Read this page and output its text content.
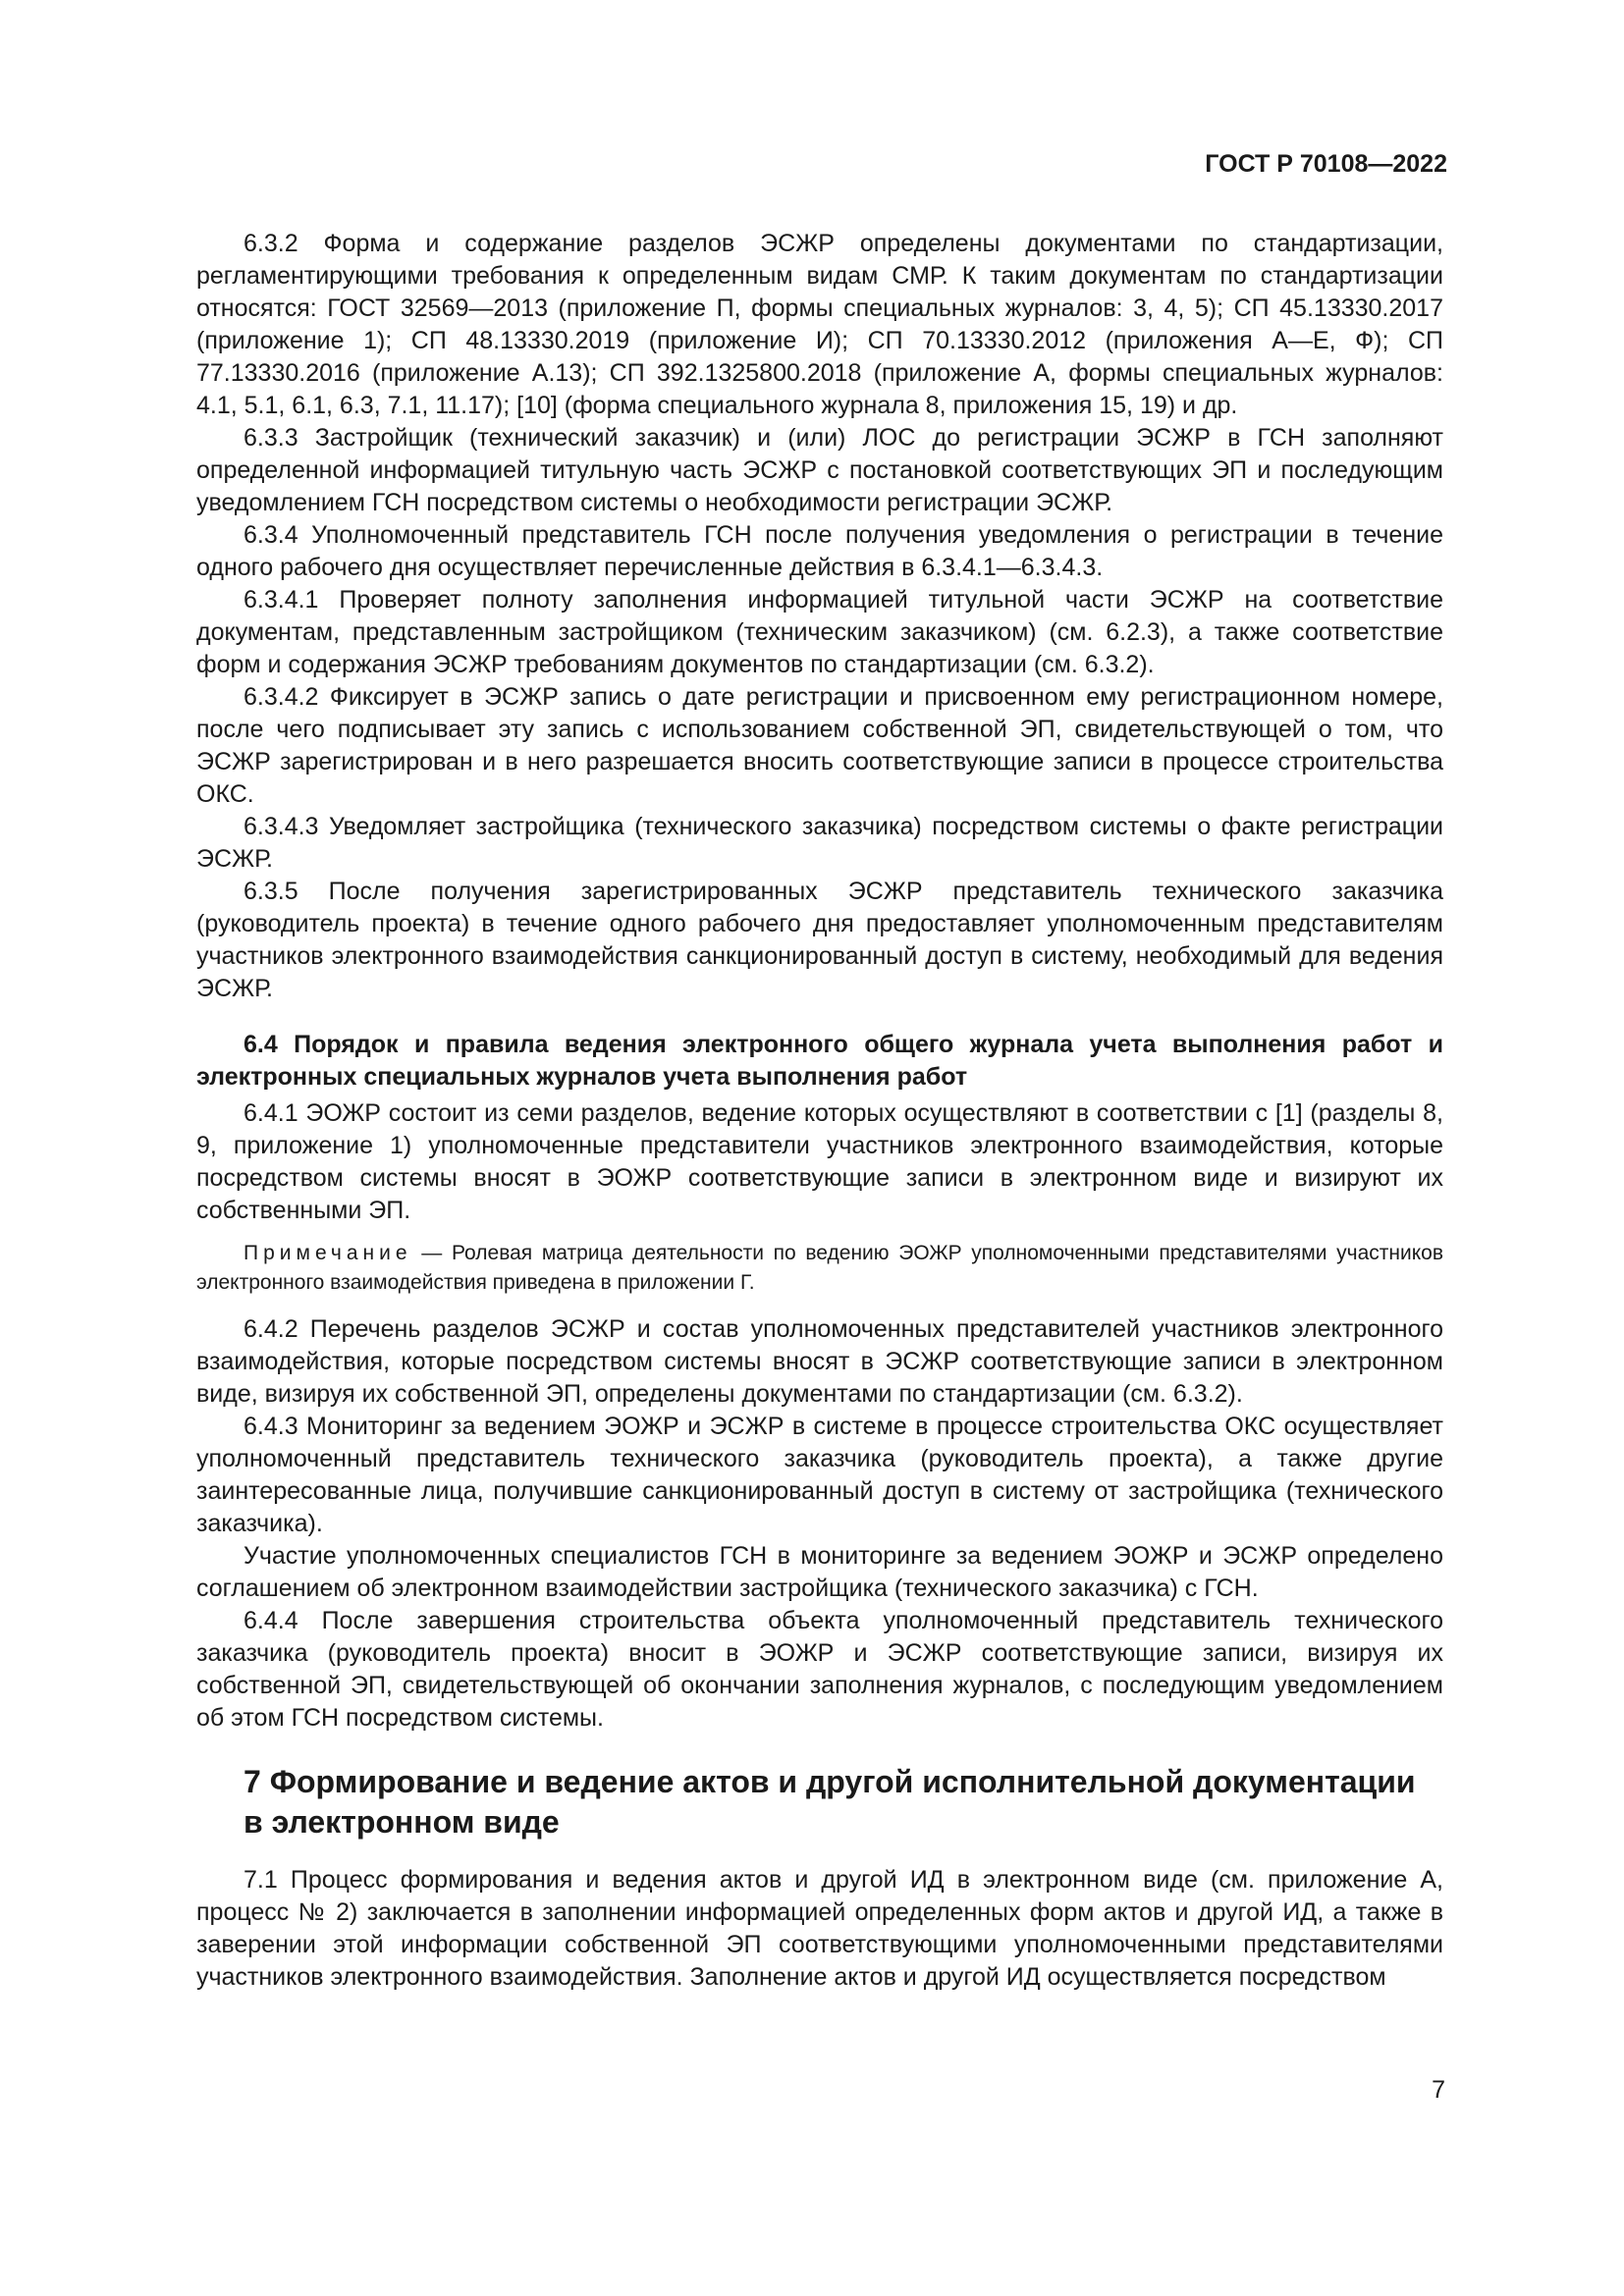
ГОСТ Р 70108—2022

6.3.2 Форма и содержание разделов ЭСЖР определены документами по стандартизации, регламентирующими требования к определенным видам СМР. К таким документам по стандартизации относятся: ГОСТ 32569—2013 (приложение П, формы специальных журналов: 3, 4, 5); СП 45.13330.2017 (приложение 1); СП 48.13330.2019 (приложение И); СП 70.13330.2012 (приложения А—Е, Ф); СП 77.13330.2016 (приложение А.13); СП 392.1325800.2018 (приложение А, формы специальных журналов: 4.1, 5.1, 6.1, 6.3, 7.1, 11.17); [10] (форма специального журнала 8, приложения 15, 19) и др.

6.3.3 Застройщик (технический заказчик) и (или) ЛОС до регистрации ЭСЖР в ГСН заполняют определенной информацией титульную часть ЭСЖР с постановкой соответствующих ЭП и последующим уведомлением ГСН посредством системы о необходимости регистрации ЭСЖР.

6.3.4 Уполномоченный представитель ГСН после получения уведомления о регистрации в течение одного рабочего дня осуществляет перечисленные действия в 6.3.4.1—6.3.4.3.

6.3.4.1 Проверяет полноту заполнения информацией титульной части ЭСЖР на соответствие документам, представленным застройщиком (техническим заказчиком) (см. 6.2.3), а также соответствие форм и содержания ЭСЖР требованиям документов по стандартизации (см. 6.3.2).

6.3.4.2 Фиксирует в ЭСЖР запись о дате регистрации и присвоенном ему регистрационном номере, после чего подписывает эту запись с использованием собственной ЭП, свидетельствующей о том, что ЭСЖР зарегистрирован и в него разрешается вносить соответствующие записи в процессе строительства ОКС.

6.3.4.3 Уведомляет застройщика (технического заказчика) посредством системы о факте регистрации ЭСЖР.

6.3.5 После получения зарегистрированных ЭСЖР представитель технического заказчика (руководитель проекта) в течение одного рабочего дня предоставляет уполномоченным представителям участников электронного взаимодействия санкционированный доступ в систему, необходимый для ведения ЭСЖР.

6.4 Порядок и правила ведения электронного общего журнала учета выполнения работ и электронных специальных журналов учета выполнения работ

6.4.1 ЭОЖР состоит из семи разделов, ведение которых осуществляют в соответствии с [1] (разделы 8, 9, приложение 1) уполномоченные представители участников электронного взаимодействия, которые посредством системы вносят в ЭОЖР соответствующие записи в электронном виде и визируют их собственными ЭП.

Примечание — Ролевая матрица деятельности по ведению ЭОЖР уполномоченными представителями участников электронного взаимодействия приведена в приложении Г.

6.4.2 Перечень разделов ЭСЖР и состав уполномоченных представителей участников электронного взаимодействия, которые посредством системы вносят в ЭСЖР соответствующие записи в электронном виде, визируя их собственной ЭП, определены документами по стандартизации (см. 6.3.2).

6.4.3 Мониторинг за ведением ЭОЖР и ЭСЖР в системе в процессе строительства ОКС осуществляет уполномоченный представитель технического заказчика (руководитель проекта), а также другие заинтересованные лица, получившие санкционированный доступ в систему от застройщика (технического заказчика).

Участие уполномоченных специалистов ГСН в мониторинге за ведением ЭОЖР и ЭСЖР определено соглашением об электронном взаимодействии застройщика (технического заказчика) с ГСН.

6.4.4 После завершения строительства объекта уполномоченный представитель технического заказчика (руководитель проекта) вносит в ЭОЖР и ЭСЖР соответствующие записи, визируя их собственной ЭП, свидетельствующей об окончании заполнения журналов, с последующим уведомлением об этом ГСН посредством системы.

7 Формирование и ведение актов и другой исполнительной документации в электронном виде

7.1 Процесс формирования и ведения актов и другой ИД в электронном виде (см. приложение А, процесс № 2) заключается в заполнении информацией определенных форм актов и другой ИД, а также в заверении этой информации собственной ЭП соответствующими уполномоченными представителями участников электронного взаимодействия. Заполнение актов и другой ИД осуществляется посредством

7
